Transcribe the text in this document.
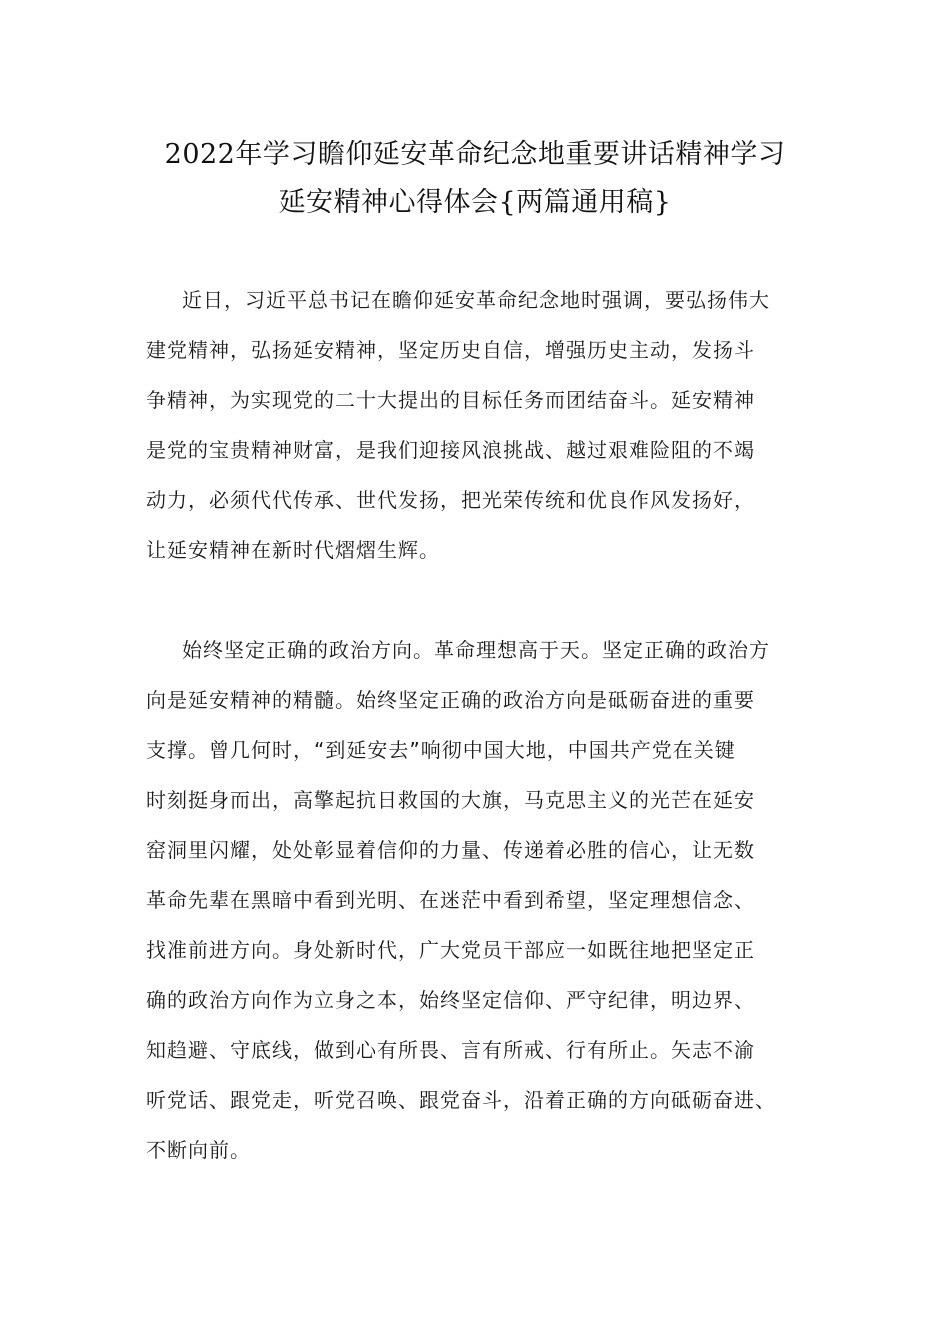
2022年学习瞻仰延安革命纪念地重要讲话精神学习
延安精神心得体会{两篇通用稿}
近日，习近平总书记在瞻仰延安革命纪念地时强调，要弘扬伟大
建党精神，弘扬延安精神，坚定历史自信，增强历史主动，发扬斗
争精神，为实现党的二十大提出的目标任务而团结奋斗。延安精神
是党的宝贵精神财富，是我们迎接风浪挑战、越过艰难险阻的不竭
动力，必须代代传承、世代发扬，把光荣传统和优良作风发扬好，
让延安精神在新时代熠熠生辉。
始终坚定正确的政治方向。革命理想高于天。坚定正确的政治方
向是延安精神的精髓。始终坚定正确的政治方向是砥砺奋进的重要
支撑。曾几何时，“到延安去”响彻中国大地，中国共产党在关键
时刻挺身而出，高擎起抗日救国的大旗，马克思主义的光芒在延安
窑洞里闪耀，处处彰显着信仰的力量、传递着必胜的信心，让无数
革命先辈在黑暗中看到光明、在迷茫中看到希望，坚定理想信念、
找准前进方向。身处新时代，广大党员干部应一如既往地把坚定正
确的政治方向作为立身之本，始终坚定信仰、严守纪律，明边界、
知趋避、守底线，做到心有所畏、言有所戒、行有所止。矢志不渝
听党话、跟党走，听党召唤、跟党奋斗，沿着正确的方向砥砺奋进、
不断向前。
